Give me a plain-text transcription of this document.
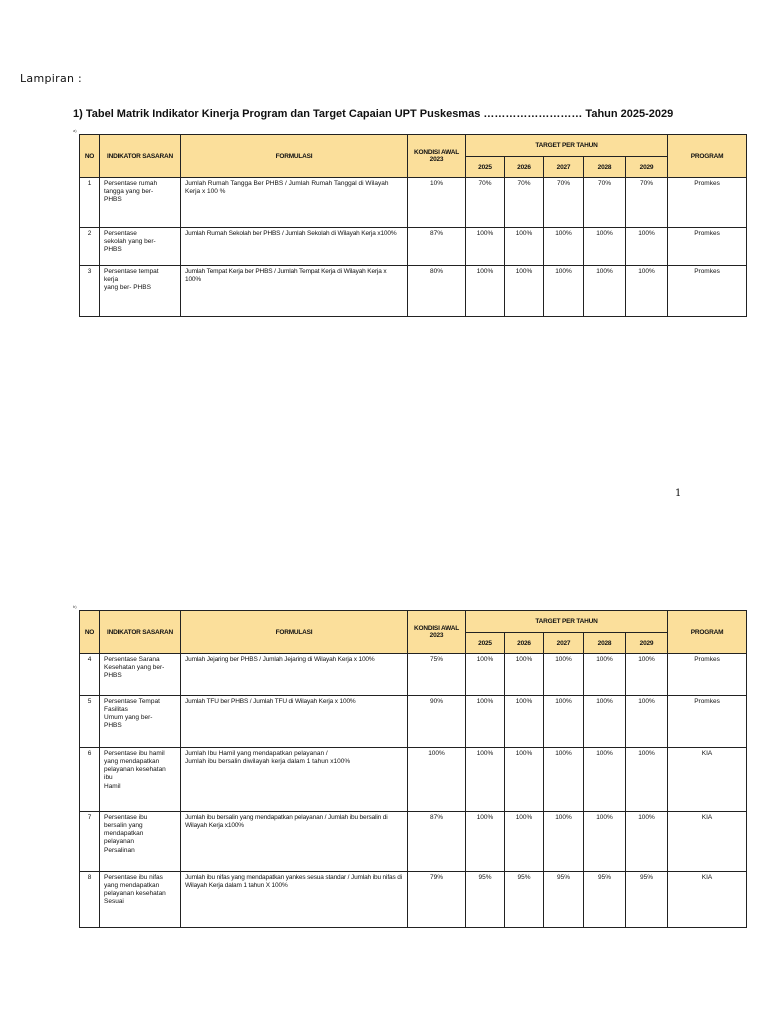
Lampiran :
1) Tabel Matrik Indikator Kinerja Program dan Target Capaian UPT Puskesmas ……………………… Tahun 2025-2029
a)
NO	INDIKATOR SASARAN	FORMULASI	KONDISI AWAL
2023	TARGET PER TAHUN					PROGRAM
				2025	2026	2027	2028	2029	
1	Persentase rumah
tangga yang ber-
PHBS	Jumlah Rumah Tangga Ber PHBS / Jumlah Rumah Tanggal di Wilayah Kerja x 100 %	10%	70%	70%	70%	70%	70%	Promkes
2	Persentase
sekolah yang ber-
PHBS	Jumlah Rumah Sekolah ber PHBS / Jumlah Sekolah di Wilayah Kerja x100%	87%	100%	100%	100%	100%	100%	Promkes
3	Persentase tempat
kerja
yang ber- PHBS	Jumlah Tempat Kerja ber PHBS / Jumlah Tempat Kerja di Wilayah Kerja x 100%	80%	100%	100%	100%	100%	100%	Promkes
1
b)
NO	INDIKATOR SASARAN	FORMULASI	KONDISI AWAL
2023	TARGET PER TAHUN					PROGRAM
				2025	2026	2027	2028	2029	
4	Persentase Sarana
Kesehatan yang ber-
PHBS	Jumlah Jejaring ber PHBS / Jumlah Jejaring di Wilayah Kerja x 100%	75%	100%	100%	100%	100%	100%	Promkes
5	Persentase Tempat
Fasilitas
Umum yang ber-
PHBS	Jumlah TFU ber PHBS / Jumlah TFU di Wilayah Kerja x 100%	90%	100%	100%	100%	100%	100%	Promkes
6	Persentase ibu hamil
yang mendapatkan
pelayanan kesehatan
ibu
Hamil	Jumlah Ibu Hamil yang mendapatkan pelayanan /
Jumlah ibu bersalin diwilayah kerja dalam 1 tahun x100%	100%	100%	100%	100%	100%	100%	KIA
7	Persentase ibu
bersalin yang
mendapatkan
pelayanan
Persalinan	Jumlah ibu bersalin yang mendapatkan pelayanan / Jumlah ibu bersalin di Wilayah Kerja x100%	87%	100%	100%	100%	100%	100%	KIA
8	Persentase ibu nifas
yang mendapatkan
pelayanan kesehatan
Sesuai	Jumlah ibu nifas yang mendapatkan yankes sesua standar / Jumlah ibu nifas di Wilayah Kerja dalam 1 tahun X 100%	79%	95%	95%	95%	95%	95%	KIA
